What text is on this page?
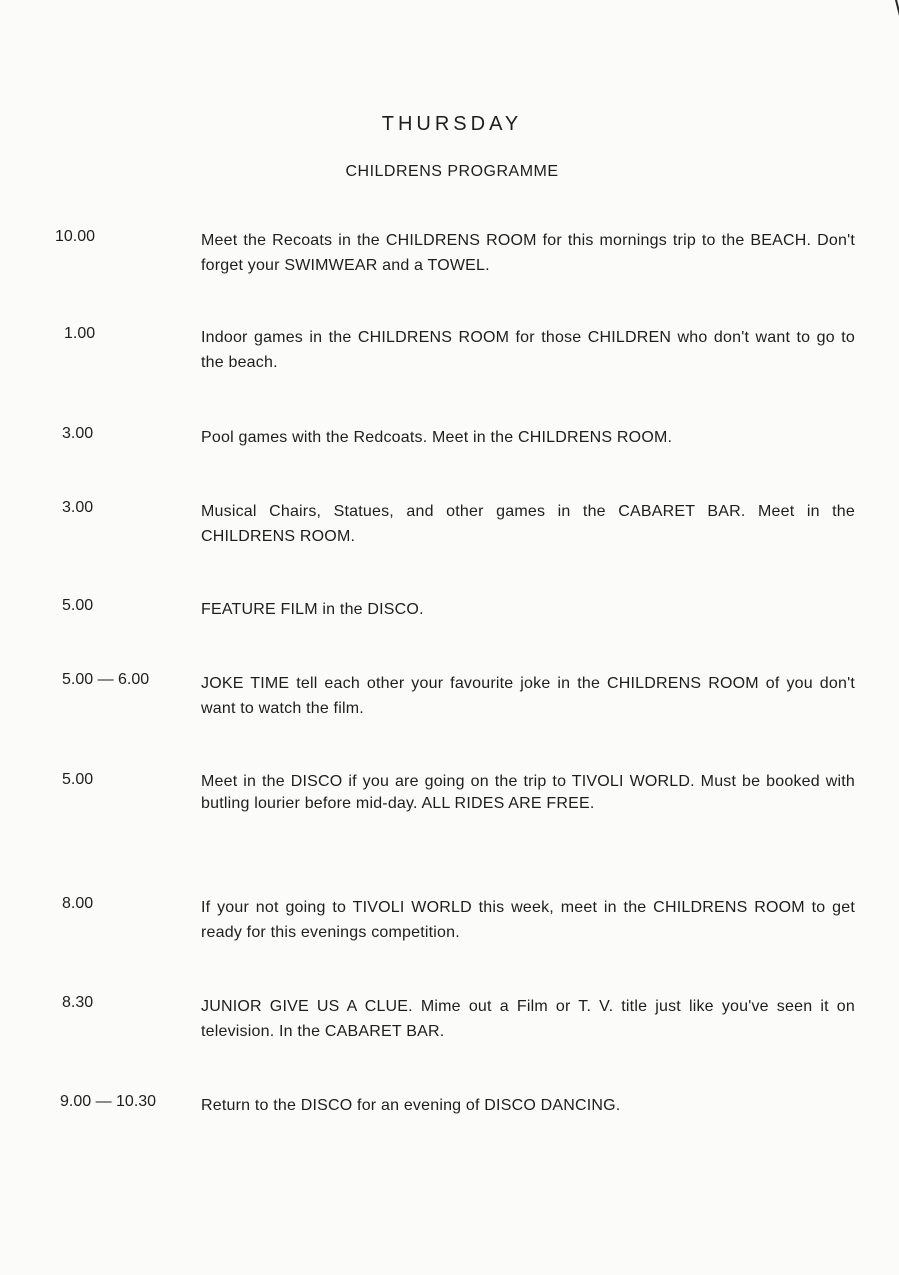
THURSDAY
CHILDRENS PROGRAMME
10.00	Meet the Recoats in the CHILDRENS ROOM for this mornings trip to the BEACH. Don't forget your SWIMWEAR and a TOWEL.
1.00	Indoor games in the CHILDRENS ROOM for those CHILDREN who don't want to go to the beach.
3.00	Pool games with the Redcoats. Meet in the CHILDRENS ROOM.
3.00	Musical Chairs, Statues, and other games in the CABARET BAR. Meet in the CHILDRENS ROOM.
5.00	FEATURE FILM in the DISCO.
5.00 — 6.00	JOKE TIME tell each other your favourite joke in the CHILDRENS ROOM of you don't want to watch the film.
5.00	Meet in the DISCO if you are going on the trip to TIVOLI WORLD. Must be booked with butling lourier before mid-day. ALL RIDES ARE FREE.
8.00	If your not going to TIVOLI WORLD this week, meet in the CHILDRENS ROOM to get ready for this evenings competition.
8.30	JUNIOR GIVE US A CLUE. Mime out a Film or T. V. title just like you've seen it on television. In the CABARET BAR.
9.00 — 10.30	Return to the DISCO for an evening of DISCO DANCING.
